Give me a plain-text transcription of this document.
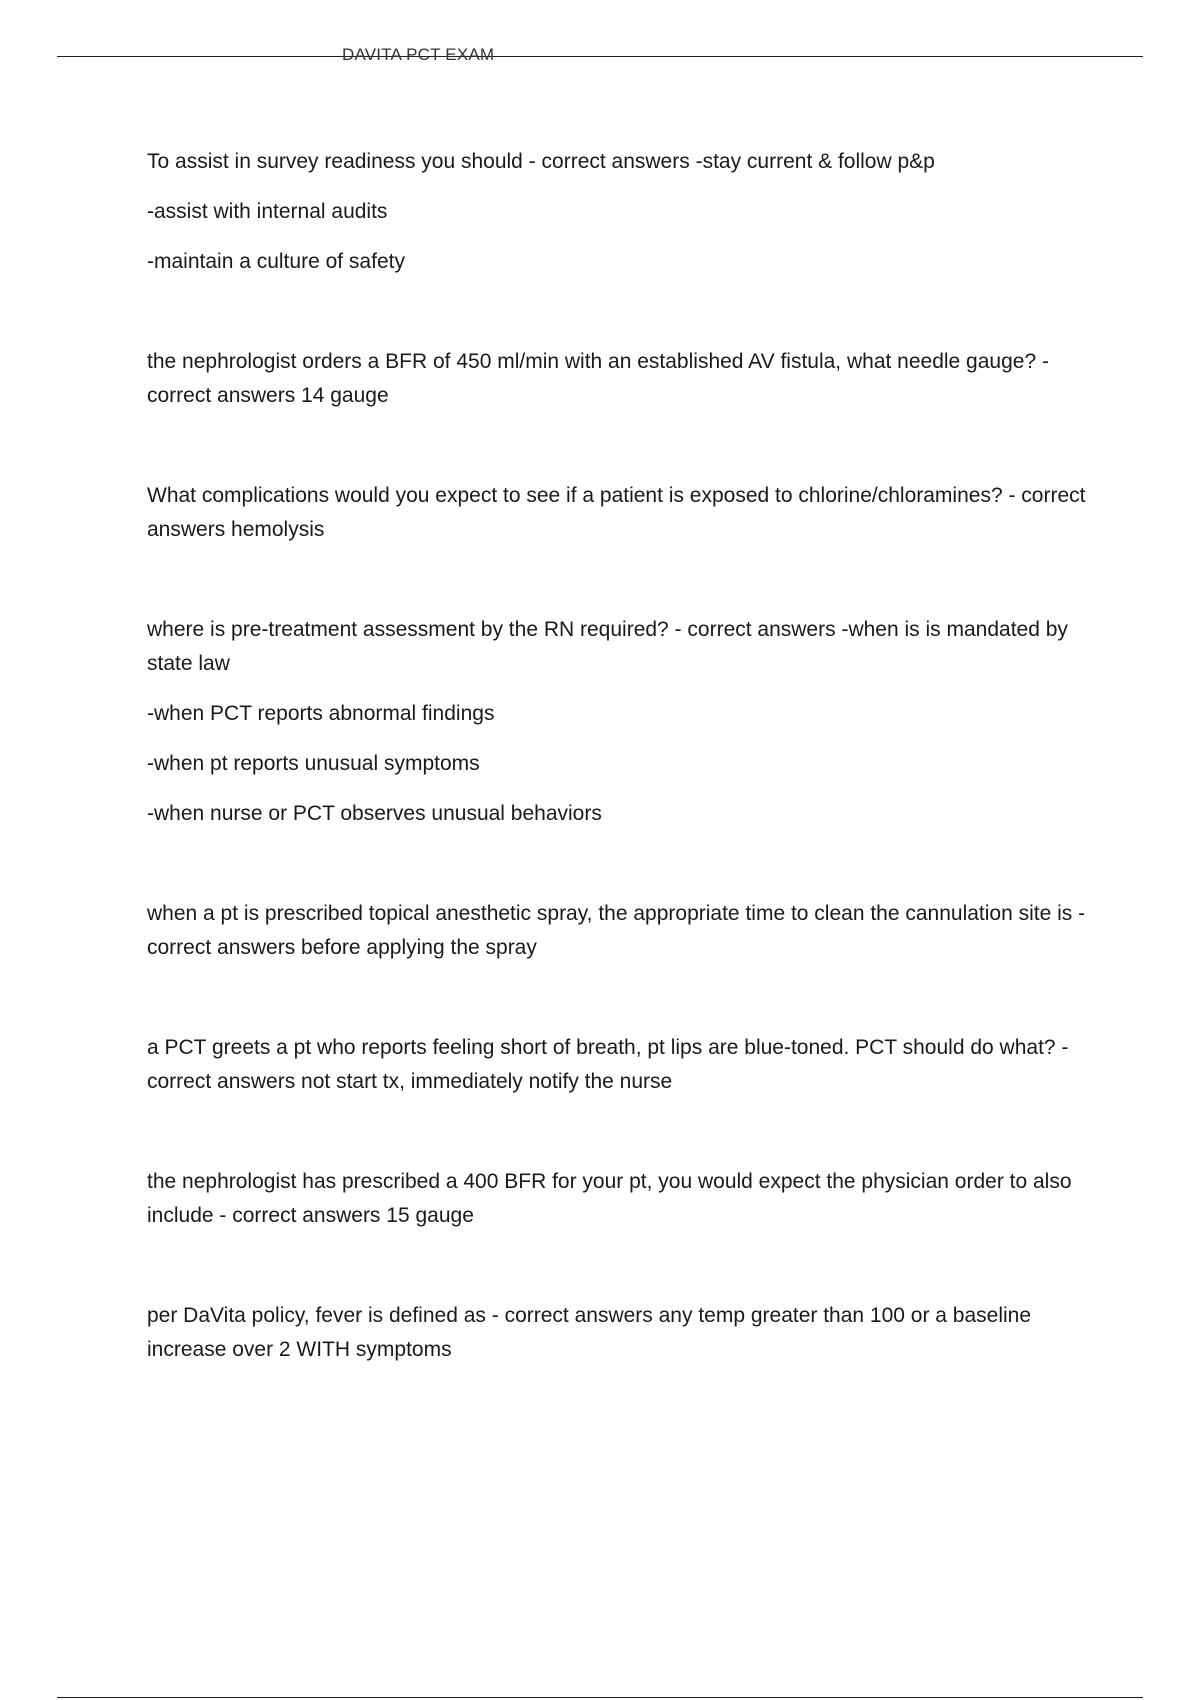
DAVITA PCT EXAM

To assist in survey readiness you should - correct answers -stay current & follow p&p

-assist with internal audits

-maintain a culture of safety

the nephrologist orders a BFR of 450 ml/min with an established AV fistula, what needle gauge? - correct answers 14 gauge

What complications would you expect to see if a patient is exposed to chlorine/chloramines? - correct answers hemolysis

where is pre-treatment assessment by the RN required? - correct answers -when is is mandated by state law

-when PCT reports abnormal findings

-when pt reports unusual symptoms

-when nurse or PCT observes unusual behaviors

when a pt is prescribed topical anesthetic spray, the appropriate time to clean the cannulation site is - correct answers before applying the spray

a PCT greets a pt who reports feeling short of breath, pt lips are blue-toned. PCT should do what? - correct answers not start tx, immediately notify the nurse

the nephrologist has prescribed a 400 BFR for your pt, you would expect the physician order to also include - correct answers 15 gauge

per DaVita policy, fever is defined as - correct answers any temp greater than 100 or a baseline increase over 2 WITH symptoms
